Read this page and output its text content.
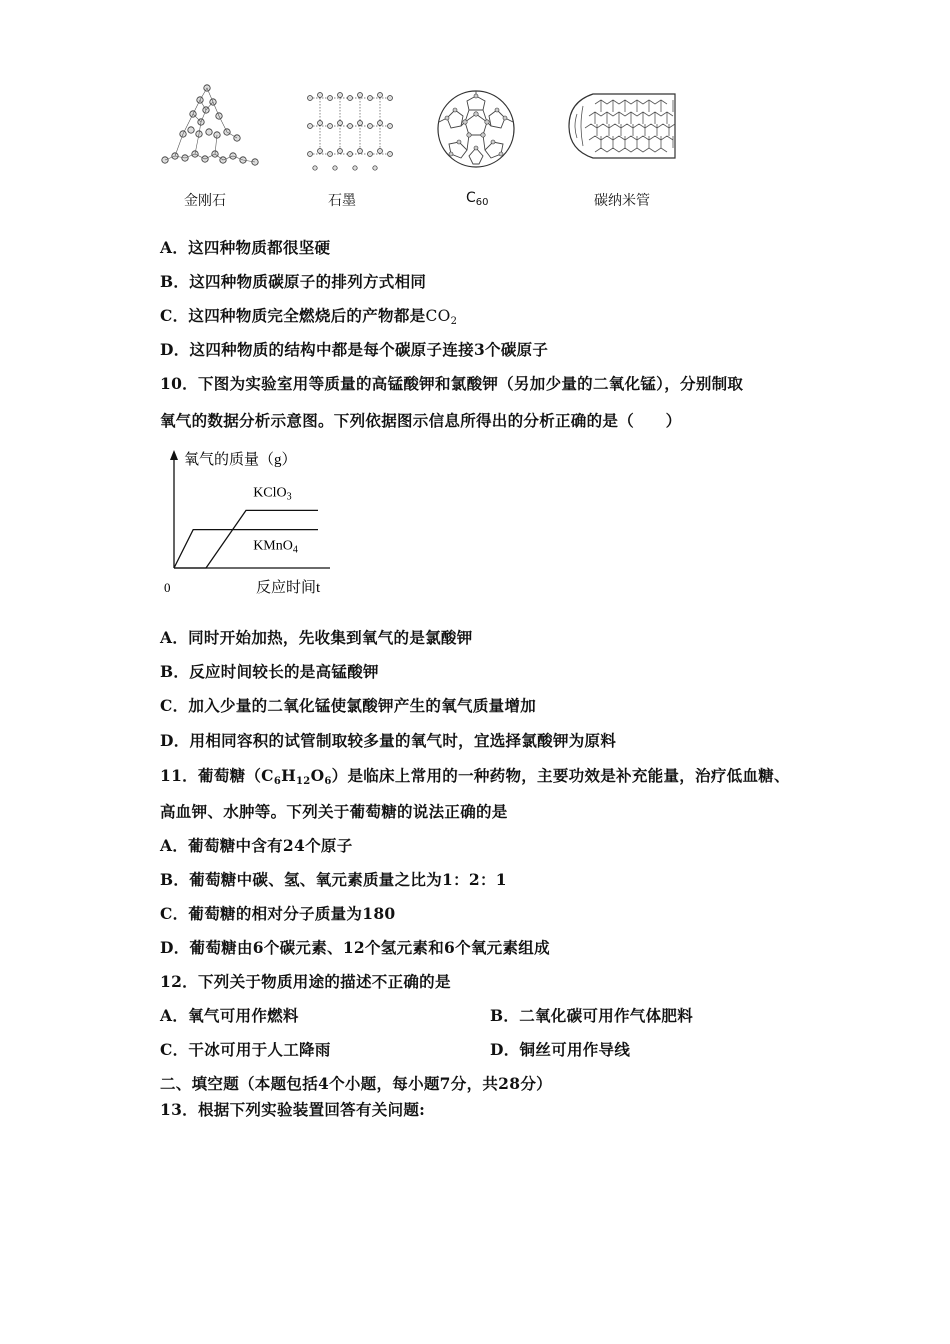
金刚石	石墨	$C_{60}$	碳纳米管
A．这四种物质都很坚硬
B．这四种物质碳原子的排列方式相同
C．这四种物质完全燃烧后的产物都是$CO_2$
D．这四种物质的结构中都是每个碳原子连接3个碳原子
10．下图为实验室用等质量的高锰酸钾和氯酸钾（另加少量的二氧化锰），分别制取
氧气的数据分析示意图。下列依据图示信息所得出的分析正确的是（　　）
氧气的质量（g）
反应时间t
0
KClO$_3$
KMnO$_4$
A．同时开始加热，先收集到氧气的是氯酸钾
B．反应时间较长的是高锰酸钾
C．加入少量的二氧化锰使氯酸钾产生的氧气质量增加
D．用相同容积的试管制取较多量的氧气时，宜选择氯酸钾为原料
11．葡萄糖$(C_6H_{12}O_6)$是临床上常用的一种药物，主要功效是补充能量，治疗低血糖、
高血钾、水肿等。下列关于葡萄糖的说法正确的是
A．葡萄糖中含有24个原子
B．葡萄糖中碳、氢、氧元素质量之比为1：2：1
C．葡萄糖的相对分子质量为180
D．葡萄糖由6个碳元素、12个氢元素和6个氧元素组成
12．下列关于物质用途的描述不正确的是
A．氧气可用作燃料	B．二氧化碳可用作气体肥料
C．干冰可用于人工降雨	D．铜丝可用作导线
二、填空题（本题包括4个小题，每小题7分，共28分）
13．根据下列实验装置回答有关问题:
